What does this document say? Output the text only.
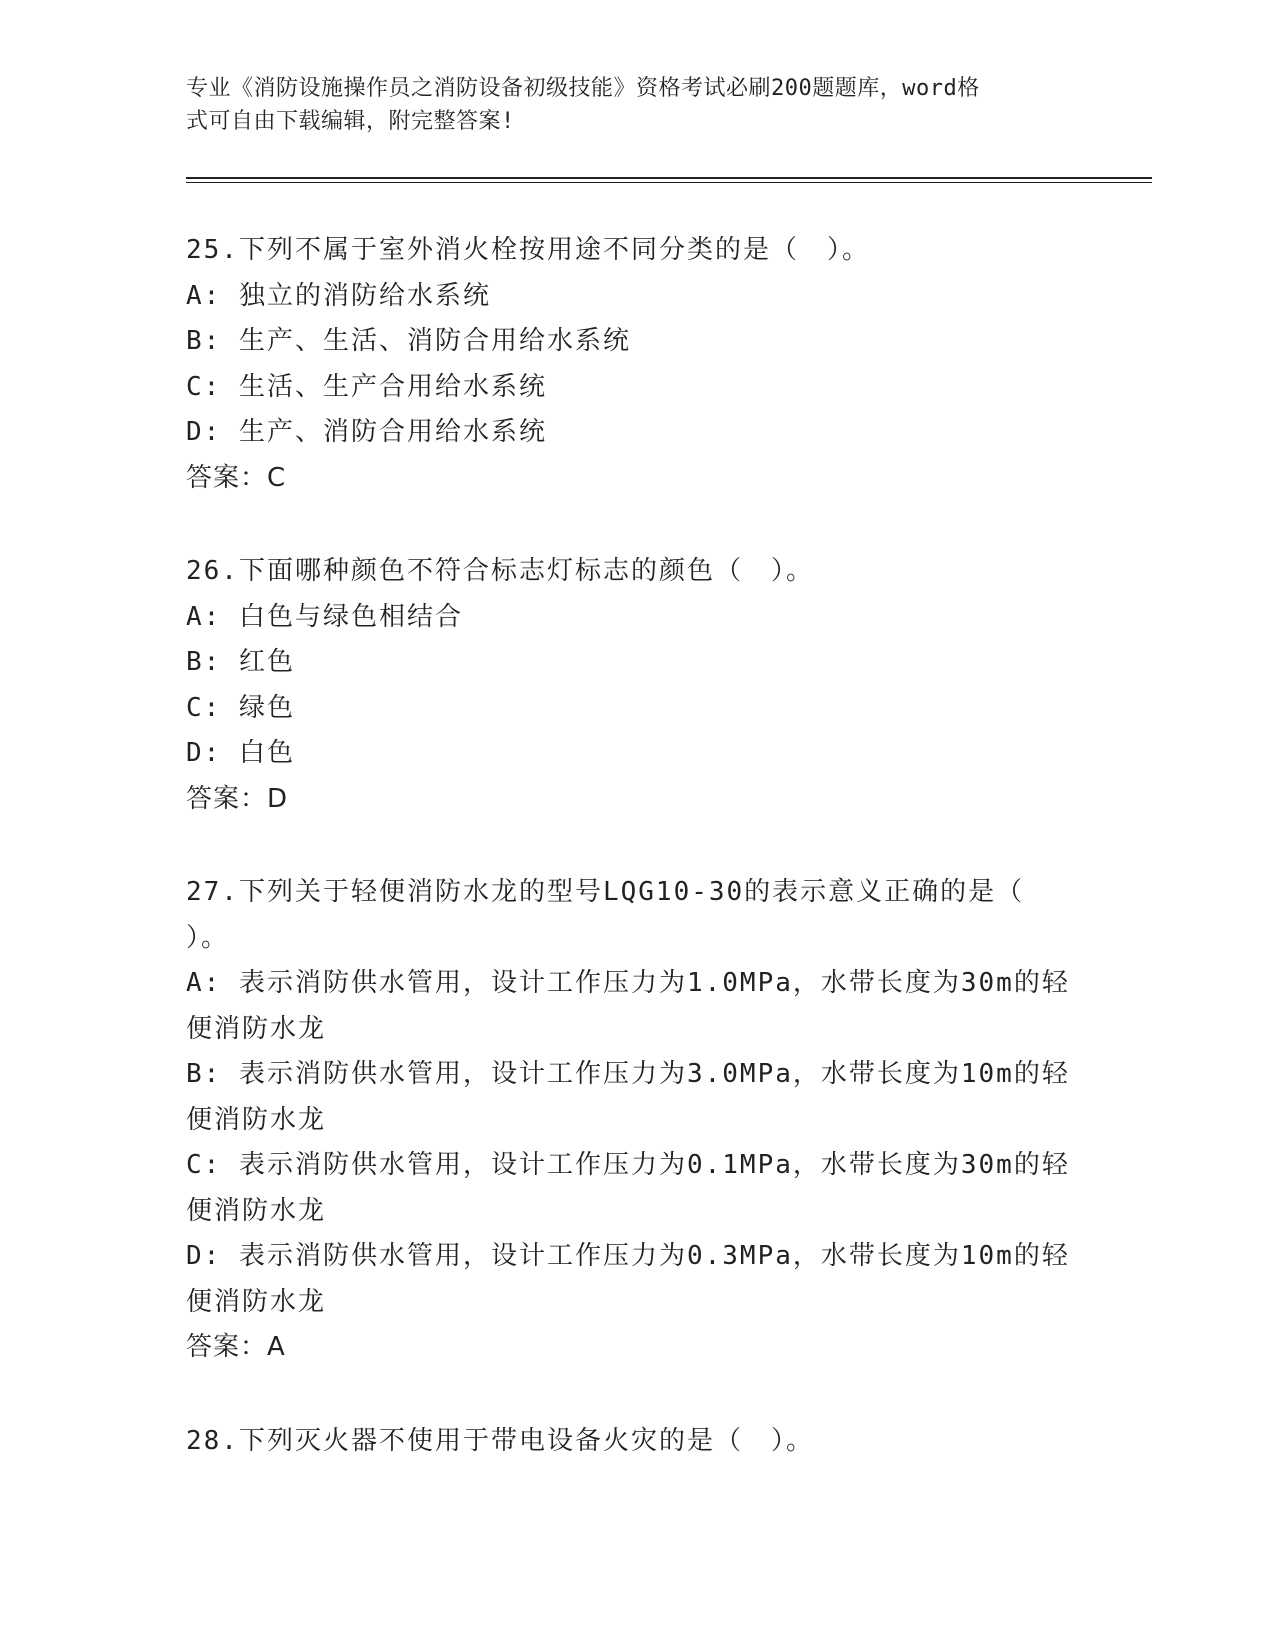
专业《消防设施操作员之消防设备初级技能》资格考试必刷200题题库，word格
式可自由下载编辑，附完整答案!
25.下列不属于室外消火栓按用途不同分类的是（　）。
A: 独立的消防给水系统
B: 生产、生活、消防合用给水系统
C: 生活、生产合用给水系统
D: 生产、消防合用给水系统
答案：C
26.下面哪种颜色不符合标志灯标志的颜色（　）。
A: 白色与绿色相结合
B: 红色
C: 绿色
D: 白色
答案：D
27.下列关于轻便消防水龙的型号LQG10-30的表示意义正确的是（
）。
A: 表示消防供水管用，设计工作压力为1.0MPa，水带长度为30m的轻
便消防水龙
B: 表示消防供水管用，设计工作压力为3.0MPa，水带长度为10m的轻
便消防水龙
C: 表示消防供水管用，设计工作压力为0.1MPa，水带长度为30m的轻
便消防水龙
D: 表示消防供水管用，设计工作压力为0.3MPa，水带长度为10m的轻
便消防水龙
答案：A
28.下列灭火器不使用于带电设备火灾的是（　）。
